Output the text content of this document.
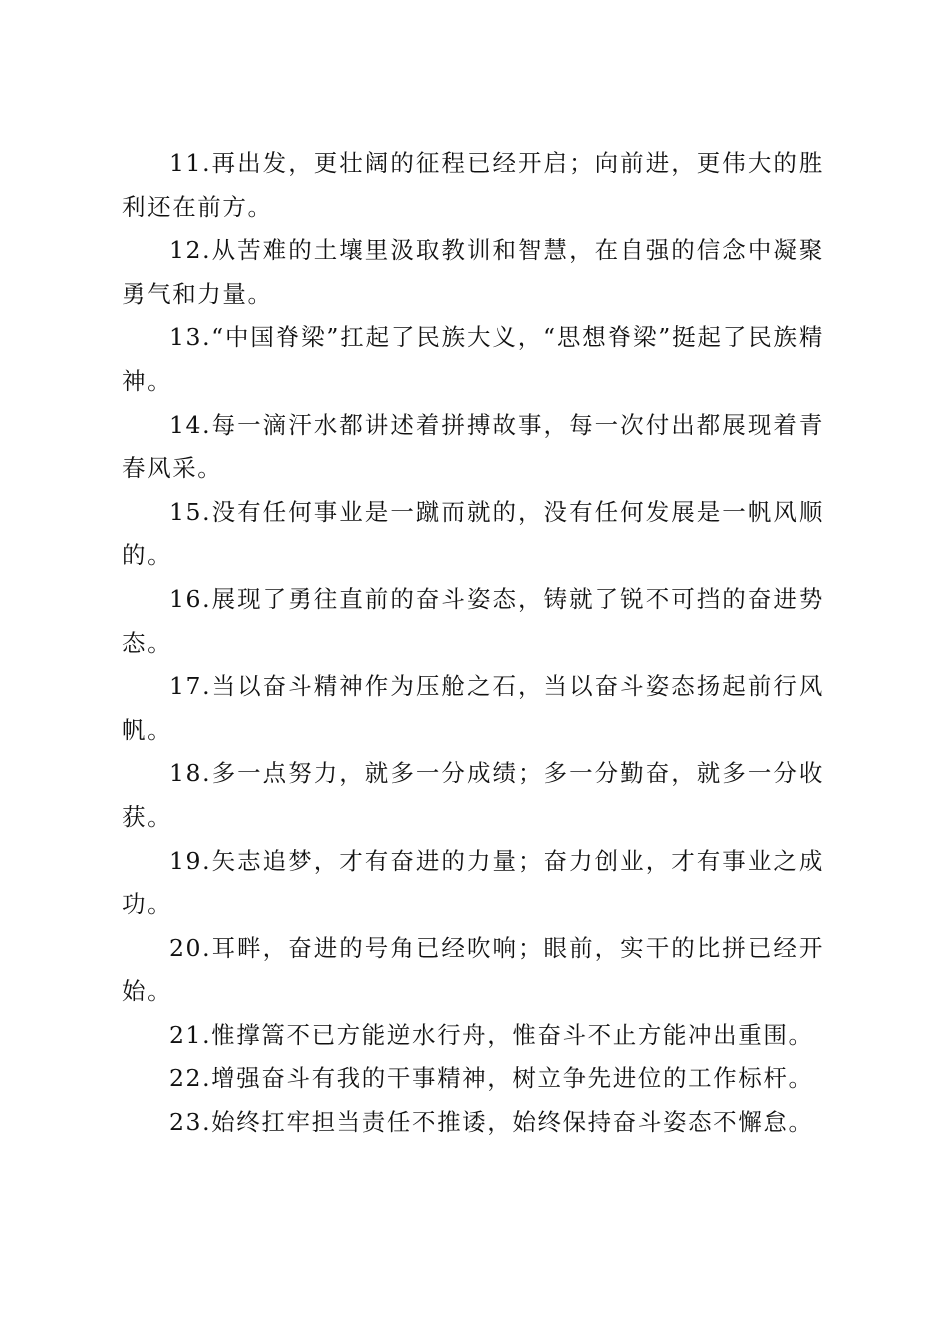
11.再出发，更壮阔的征程已经开启；向前进，更伟大的胜利还在前方。

12.从苦难的土壤里汲取教训和智慧，在自强的信念中凝聚勇气和力量。

13.“中国脊梁”扛起了民族大义，“思想脊梁”挺起了民族精神。

14.每一滴汗水都讲述着拼搏故事，每一次付出都展现着青春风采。

15.没有任何事业是一蹴而就的，没有任何发展是一帆风顺的。

16.展现了勇往直前的奋斗姿态，铸就了锐不可挡的奋进势态。

17.当以奋斗精神作为压舱之石，当以奋斗姿态扬起前行风帆。

18.多一点努力，就多一分成绩；多一分勤奋，就多一分收获。

19.矢志追梦，才有奋进的力量；奋力创业，才有事业之成功。

20.耳畔，奋进的号角已经吹响；眼前，实干的比拼已经开始。

21.惟撑篙不已方能逆水行舟，惟奋斗不止方能冲出重围。

22.增强奋斗有我的干事精神，树立争先进位的工作标杆。

23.始终扛牢担当责任不推诿，始终保持奋斗姿态不懈怠。
